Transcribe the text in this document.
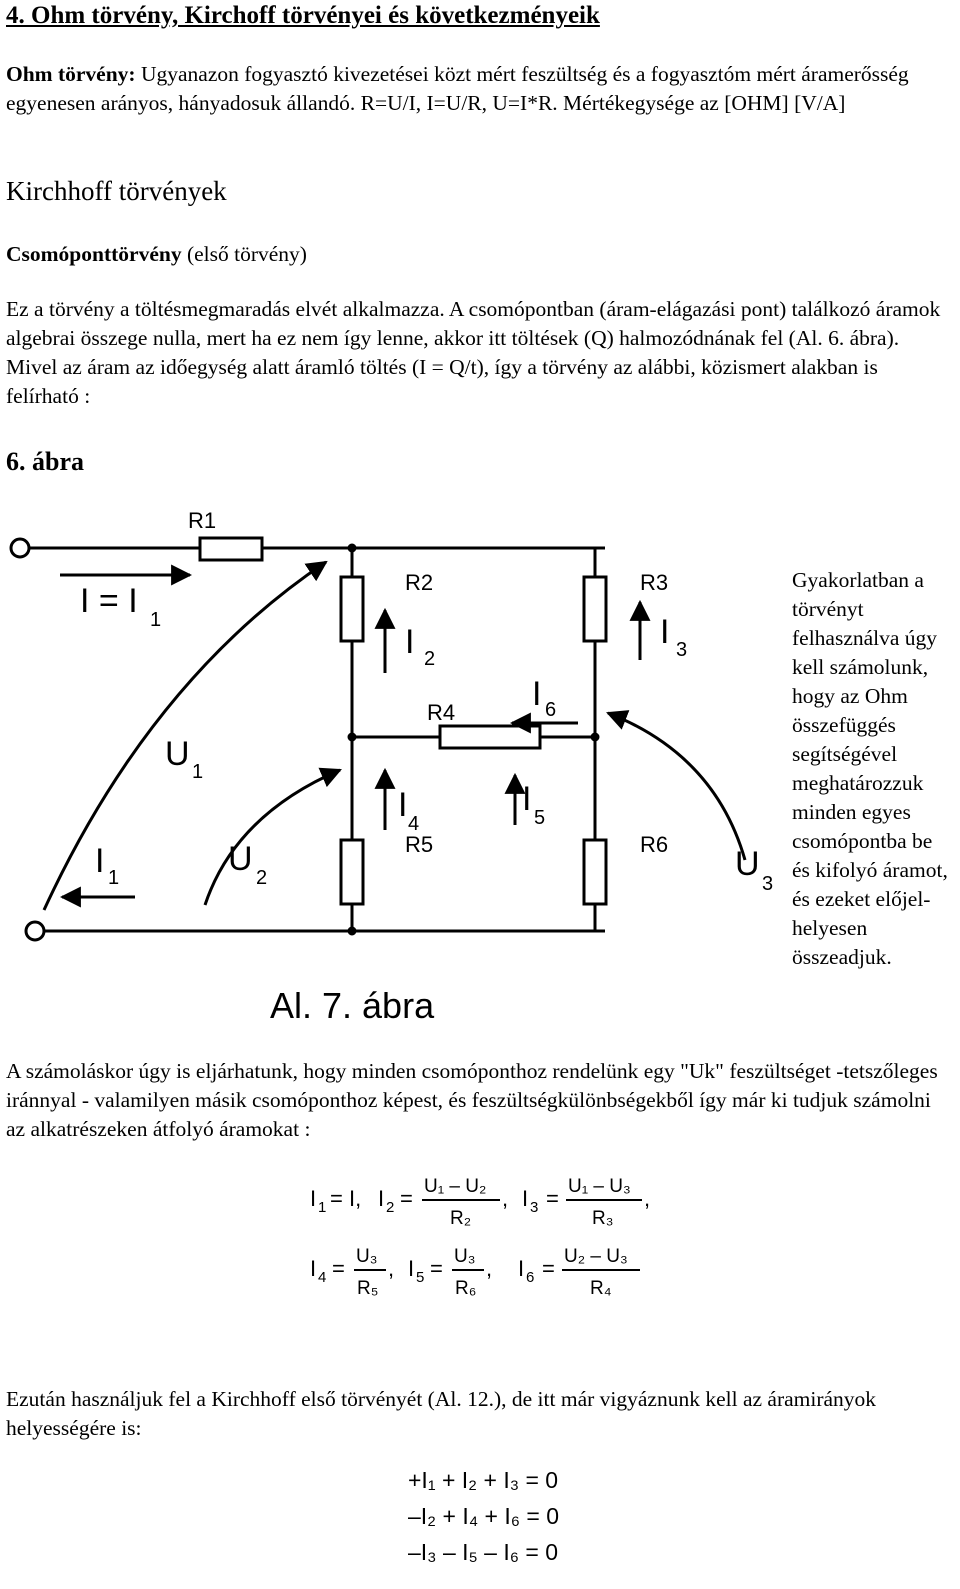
4. Ohm törvény, Kirchoff törvényei és következményeik

Ohm törvény: Ugyanazon fogyasztó kivezetései közt mért feszültség és a fogyasztóm mért áramerősség egyenesen arányos, hányadosuk állandó. R=U/I, I=U/R, U=I*R. Mértékegysége az [OHM] [V/A]

Kirchhoff törvények

Csomóponttörvény (első törvény)

Ez a törvény a töltésmegmaradás elvét alkalmazza. A csomópontban (áram-elágazási pont) találkozó áramok algebrai összege nulla, mert ha ez nem így lenne, akkor itt töltések (Q) halmozódnának fel (Al. 6. ábra). Mivel az áram az időegység alatt áramló töltés (I = Q/t), így a törvény az alábbi, közismert alakban is felírható :

6. ábra

R1
R2	R3
R4
R5	R6
I = I 1
I 1
I 2
I 3
I 4
I 5
I 6
U 1
U 2	U
3
Al. 7. ábra

Gyakorlatban a törvényt felhasználva úgy kell számolunk, hogy az Ohm összefüggés segítségével meghatározzuk minden egyes csomópontba be és kifolyó áramot, és ezeket előjel-helyesen összeadjuk.

A számoláskor úgy is eljárhatunk, hogy minden csomóponthoz rendelünk egy "Uk" feszültséget -tetszőleges iránnyal - valamilyen másik csomóponthoz képest, és feszültségkülönbségekből így már ki tudjuk számolni az alkatrészeken átfolyó áramokat :

I 1 = I, I 2 = U₁ – U₂
R₂
, I 3 = U₁ – U₃
R₃
,
I 4 = U₃
R₅
, I 5 = U₃
R₆
, I 6 = U₂ – U₃
R₄

Ezután használjuk fel a Kirchhoff első törvényét (Al. 12.), de itt már vigyáznunk kell az áramirányok helyességére is:

+I₁ + I₂ + I₃ = 0
–I₂ + I₄ + I₆ = 0
–I₃ – I₅ – I₆ = 0
